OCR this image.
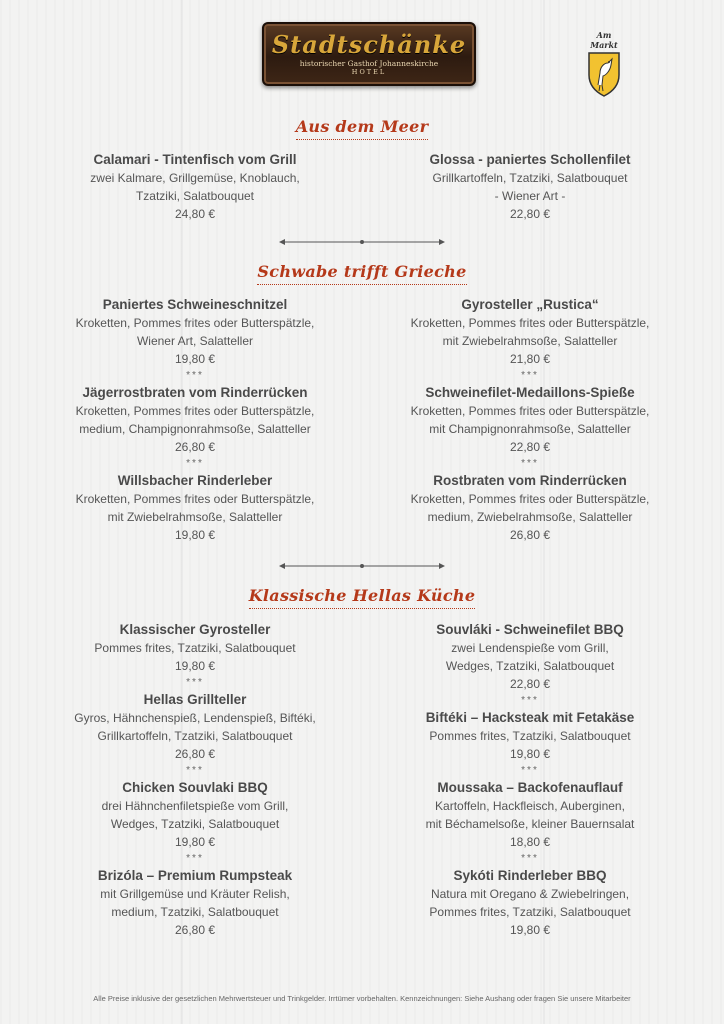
Stadtschänke
historischer Gasthof Johanneskirche
HOTEL
Am Markt
Aus dem Meer
Calamari - Tintenfisch vom Grill
zwei Kalmare, Grillgemüse, Knoblauch,
Tzatziki, Salatbouquet
24,80 €
Glossa - paniertes Schollenfilet
Grillkartoffeln, Tzatziki, Salatbouquet
- Wiener Art -
22,80 €
Schwabe trifft Grieche
Paniertes Schweineschnitzel
Kroketten, Pommes frites oder Butterspätzle,
Wiener Art, Salatteller
19,80 €
***
Jägerrostbraten vom Rinderrücken
Kroketten, Pommes frites oder Butterspätzle,
medium, Champignonrahmsoße, Salatteller
26,80 €
***
Willsbacher Rinderleber
Kroketten, Pommes frites oder Butterspätzle,
mit Zwiebelrahmsoße, Salatteller
19,80 €
Gyrosteller „Rustica“
Kroketten, Pommes frites oder Butterspätzle,
mit Zwiebelrahmsoße, Salatteller
21,80 €
***
Schweinefilet-Medaillons-Spieße
Kroketten, Pommes frites oder Butterspätzle,
mit Champignonrahmsoße, Salatteller
22,80 €
***
Rostbraten vom Rinderrücken
Kroketten, Pommes frites oder Butterspätzle,
medium, Zwiebelrahmsoße, Salatteller
26,80 €
Klassische Hellas Küche
Klassischer Gyrosteller
Pommes frites, Tzatziki, Salatbouquet
19,80 €
***
Hellas Grillteller
Gyros, Hähnchenspieß, Lendenspieß, Biftéki,
Grillkartoffeln, Tzatziki, Salatbouquet
26,80 €
***
Chicken Souvlaki BBQ
drei Hähnchenfiletspieße vom Grill,
Wedges, Tzatziki, Salatbouquet
19,80 €
***
Brizóla – Premium Rumpsteak
mit Grillgemüse und Kräuter Relish,
medium, Tzatziki, Salatbouquet
26,80 €
Souvláki - Schweinefilet BBQ
zwei Lendenspieße vom Grill,
Wedges, Tzatziki, Salatbouquet
22,80 €
***
Biftéki – Hacksteak mit Fetakäse
Pommes frites, Tzatziki, Salatbouquet
19,80 €
***
Moussaka – Backofenauflauf
Kartoffeln, Hackfleisch, Auberginen,
mit Béchamelsoße, kleiner Bauernsalat
18,80 €
***
Sykóti Rinderleber BBQ
Natura mit Oregano & Zwiebelringen,
Pommes frites, Tzatziki, Salatbouquet
19,80 €
Alle Preise inklusive der gesetzlichen Mehrwertsteuer und Trinkgelder. Irrtümer vorbehalten. Kennzeichnungen: Siehe Aushang oder fragen Sie unsere Mitarbeiter
